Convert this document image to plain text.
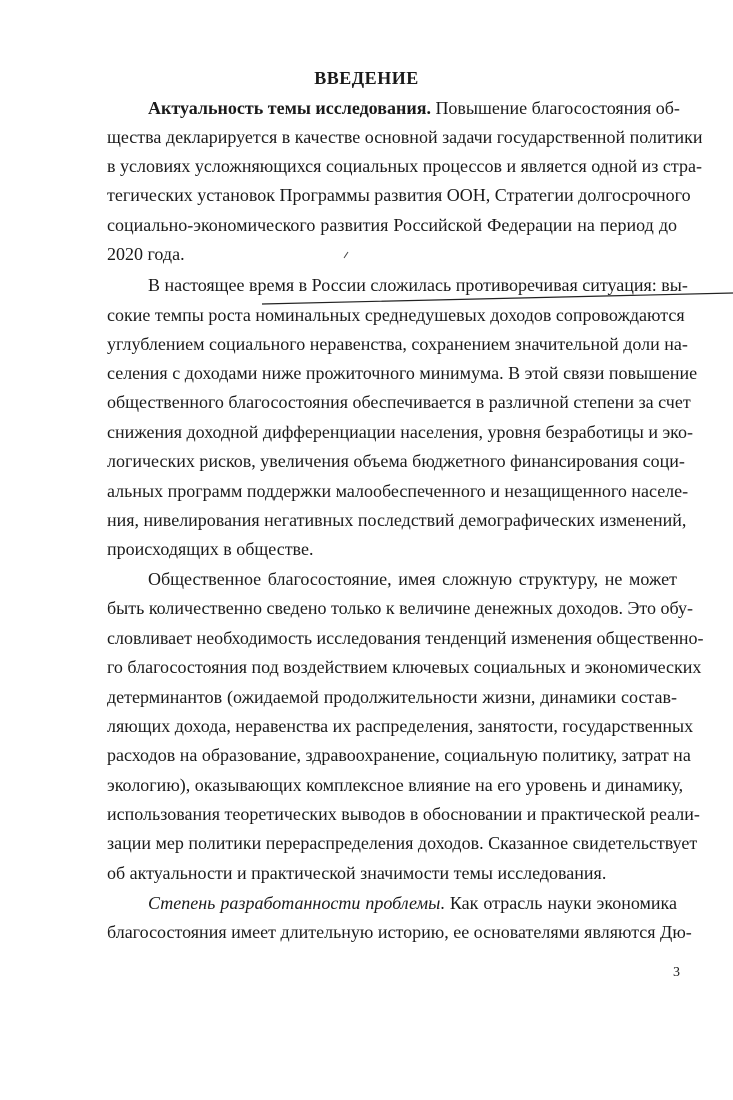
ВВЕДЕНИЕ
Актуальность темы исследования. Повышение благосостояния об-
щества декларируется в качестве основной задачи государственной политики
в условиях усложняющихся социальных процессов и является одной из стра-
тегических установок Программы развития ООН, Стратегии долгосрочного
социально-экономического развития Российской Федерации на период до
2020 года.
В настоящее время в России сложилась противоречивая ситуация: вы-
сокие темпы роста номинальных среднедушевых доходов сопровождаются
углублением социального неравенства, сохранением значительной доли на-
селения с доходами ниже прожиточного минимума. В этой связи повышение
общественного благосостояния обеспечивается в различной степени за счет
снижения доходной дифференциации населения, уровня безработицы и эко-
логических рисков, увеличения объема бюджетного финансирования соци-
альных программ поддержки малообеспеченного и незащищенного населе-
ния, нивелирования негативных последствий демографических изменений,
происходящих в обществе.
Общественное благосостояние, имея сложную структуру, не может
быть количественно сведено только к величине денежных доходов. Это обу-
словливает необходимость исследования тенденций изменения общественно-
го благосостояния под воздействием ключевых социальных и экономических
детерминантов (ожидаемой продолжительности жизни, динамики состав-
ляющих дохода, неравенства их распределения, занятости, государственных
расходов на образование, здравоохранение, социальную политику, затрат на
экологию), оказывающих комплексное влияние на его уровень и динамику,
использования теоретических выводов в обосновании и практической реали-
зации мер политики перераспределения доходов. Сказанное свидетельствует
об актуальности и практической значимости темы исследования.
Степень разработанности проблемы. Как отрасль науки экономика
благосостояния имеет длительную историю, ее основателями являются Дю-
3
